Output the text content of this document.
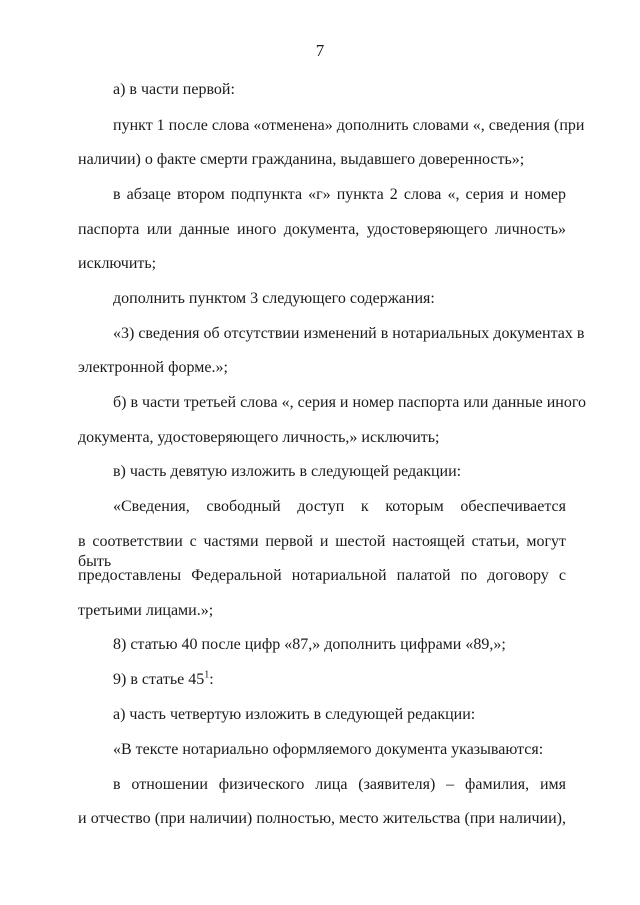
7
а) в части первой:
пункт 1 после слова «отменена» дополнить словами «, сведения (при
наличии) о факте смерти гражданина, выдавшего доверенность»;
в абзаце втором подпункта «г» пункта 2 слова «, серия и номер
паспорта или данные иного документа, удостоверяющего личность»
исключить;
дополнить пунктом 3 следующего содержания:
«3) сведения об отсутствии изменений в нотариальных документах в
электронной форме.»;
б) в части третьей слова «, серия и номер паспорта или данные иного
документа, удостоверяющего личность,» исключить;
в) часть девятую изложить в следующей редакции:
«Сведения, свободный доступ к которым обеспечивается
в соответствии с частями первой и шестой настоящей статьи, могут быть
предоставлены Федеральной нотариальной палатой по договору с
третьими лицами.»;
8) статью 40 после цифр «87,» дополнить цифрами «89,»;
9) в статье $45^1$:
а) часть четвертую изложить в следующей редакции:
«В тексте нотариально оформляемого документа указываются:
в отношении физического лица (заявителя) – фамилия, имя
и отчество (при наличии) полностью, место жительства (при наличии),
